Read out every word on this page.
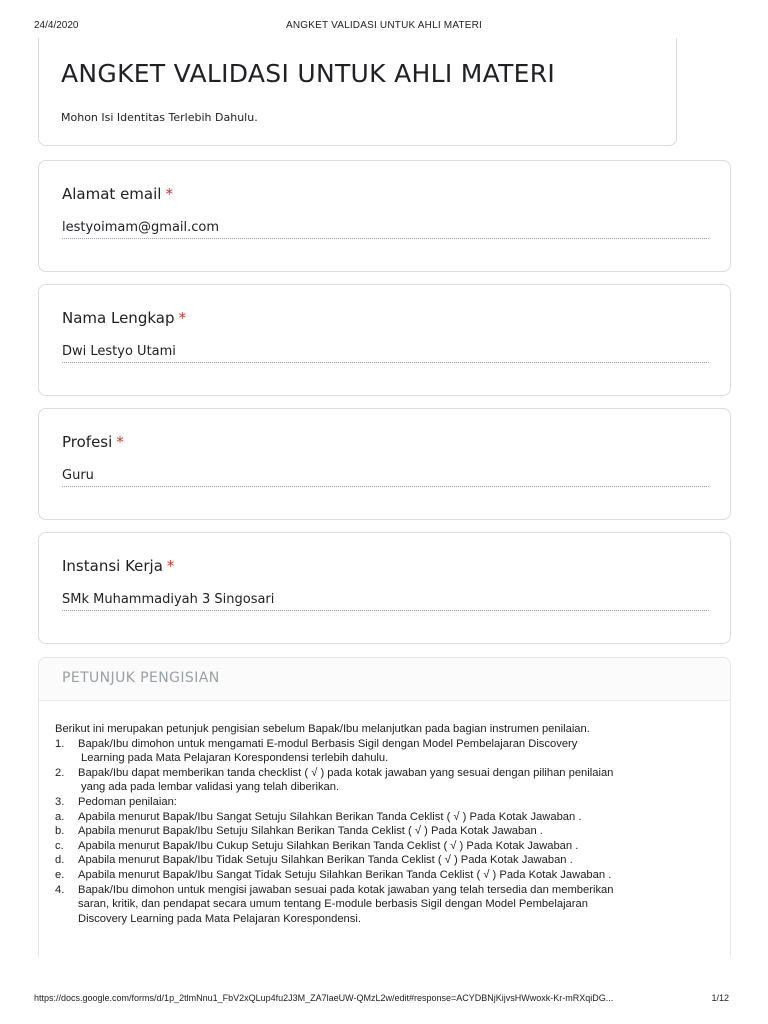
24/4/2020	ANGKET VALIDASI UNTUK AHLI MATERI
ANGKET VALIDASI UNTUK AHLI MATERI
Mohon Isi Identitas Terlebih Dahulu.
Alamat email *
lestyoimam@gmail.com
Nama Lengkap *
Dwi Lestyo Utami
Profesi *
Guru
Instansi Kerja *
SMk Muhammadiyah 3 Singosari
PETUNJUK PENGISIAN
Berikut ini merupakan petunjuk pengisian sebelum Bapak/Ibu melanjutkan pada bagian instrumen penilaian.
1. Bapak/Ibu dimohon untuk mengamati E-modul Berbasis Sigil dengan Model Pembelajaran Discovery
Learning pada Mata Pelajaran Korespondensi terlebih dahulu.
2. Bapak/Ibu dapat memberikan tanda checklist ( √ ) pada kotak jawaban yang sesuai dengan pilihan penilaian
yang ada pada lembar validasi yang telah diberikan.
3. Pedoman penilaian:
a. Apabila menurut Bapak/Ibu Sangat Setuju Silahkan Berikan Tanda Ceklist ( √ ) Pada Kotak Jawaban .
b. Apabila menurut Bapak/Ibu Setuju Silahkan Berikan Tanda Ceklist ( √ ) Pada Kotak Jawaban .
c. Apabila menurut Bapak/Ibu Cukup Setuju Silahkan Berikan Tanda Ceklist ( √ ) Pada Kotak Jawaban .
d. Apabila menurut Bapak/Ibu Tidak Setuju Silahkan Berikan Tanda Ceklist ( √ ) Pada Kotak Jawaban .
e. Apabila menurut Bapak/Ibu Sangat Tidak Setuju Silahkan Berikan Tanda Ceklist ( √ ) Pada Kotak Jawaban .
4. Bapak/Ibu dimohon untuk mengisi jawaban sesuai pada kotak jawaban yang telah tersedia dan memberikan
saran, kritik, dan pendapat secara umum tentang E-module berbasis Sigil dengan Model Pembelajaran
Discovery Learning pada Mata Pelajaran Korespondensi.
https://docs.google.com/forms/d/1p_2tlmNnu1_FbV2xQLup4fu2J3M_ZA7laeUW-QMzL2w/edit#response=ACYDBNjKijvsHWwoxk-Kr-mRXqiDG...	1/12
